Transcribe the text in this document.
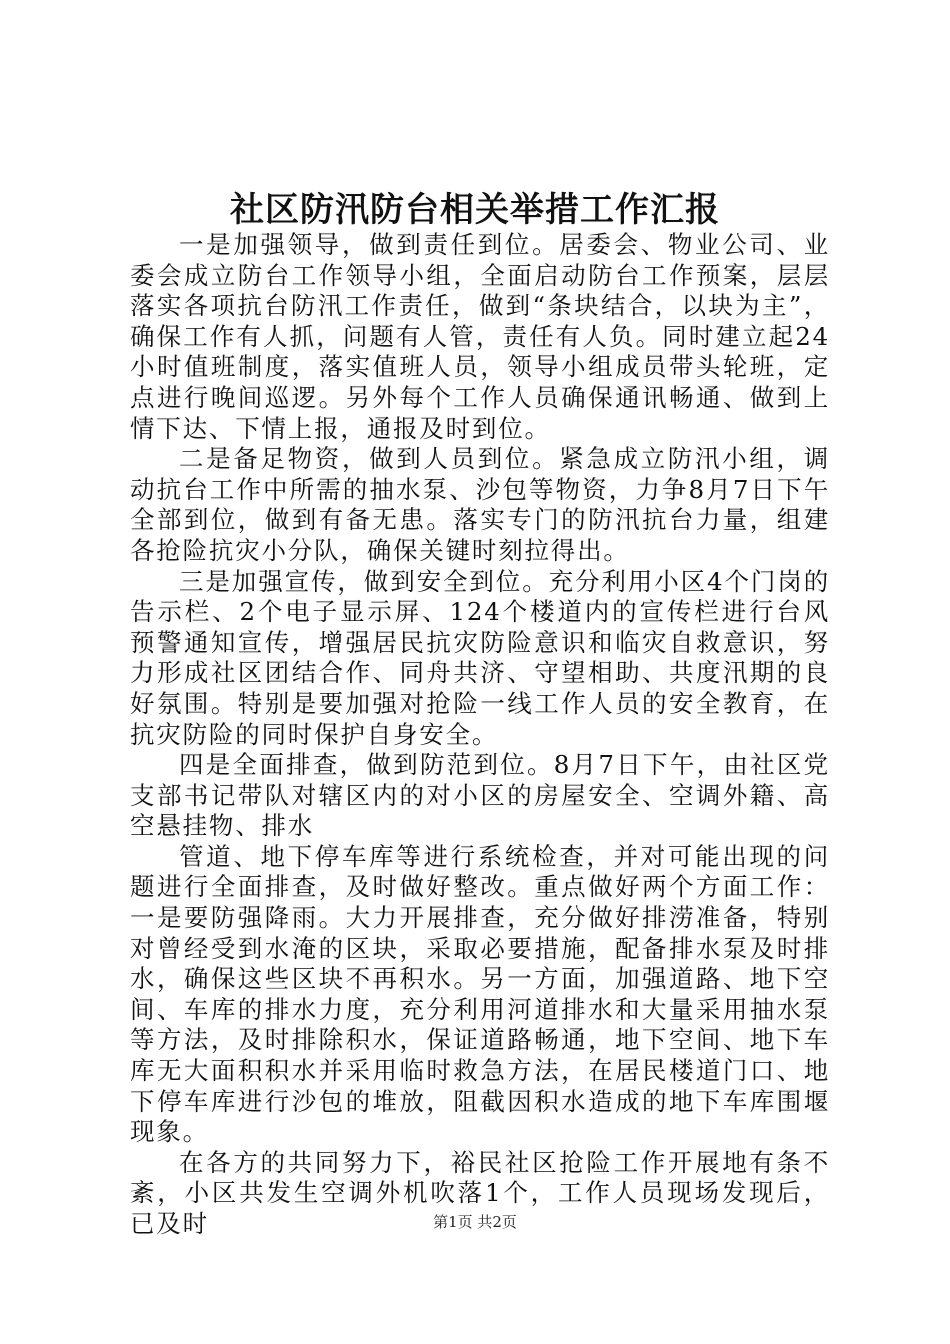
社区防汛防台相关举措工作汇报

一是加强领导，做到责任到位。居委会、物业公司、业委会成立防台工作领导小组，全面启动防台工作预案，层层落实各项抗台防汛工作责任，做到“条块结合，以块为主”，确保工作有人抓，问题有人管，责任有人负。同时建立起24小时值班制度，落实值班人员，领导小组成员带头轮班，定点进行晚间巡逻。另外每个工作人员确保通讯畅通、做到上情下达、下情上报，通报及时到位。

二是备足物资，做到人员到位。紧急成立防汛小组，调动抗台工作中所需的抽水泵、沙包等物资，力争8月7日下午全部到位，做到有备无患。落实专门的防汛抗台力量，组建各抢险抗灾小分队，确保关键时刻拉得出。

三是加强宣传，做到安全到位。充分利用小区4个门岗的告示栏、2个电子显示屏、124个楼道内的宣传栏进行台风预警通知宣传，增强居民抗灾防险意识和临灾自救意识，努力形成社区团结合作、同舟共济、守望相助、共度汛期的良好氛围。特别是要加强对抢险一线工作人员的安全教育，在抗灾防险的同时保护自身安全。

四是全面排查，做到防范到位。8月7日下午，由社区党支部书记带队对辖区内的对小区的房屋安全、空调外籍、高空悬挂物、排水

管道、地下停车库等进行系统检查，并对可能出现的问题进行全面排查，及时做好整改。重点做好两个方面工作：一是要防强降雨。大力开展排查，充分做好排涝准备，特别对曾经受到水淹的区块，采取必要措施，配备排水泵及时排水，确保这些区块不再积水。另一方面，加强道路、地下空间、车库的排水力度，充分利用河道排水和大量采用抽水泵等方法，及时排除积水，保证道路畅通，地下空间、地下车库无大面积积水并采用临时救急方法，在居民楼道门口、地下停车库进行沙包的堆放，阻截因积水造成的地下车库围堰现象。

在各方的共同努力下，裕民社区抢险工作开展地有条不紊，小区共发生空调外机吹落1个，工作人员现场发现后，已及时	第1页 共2页
